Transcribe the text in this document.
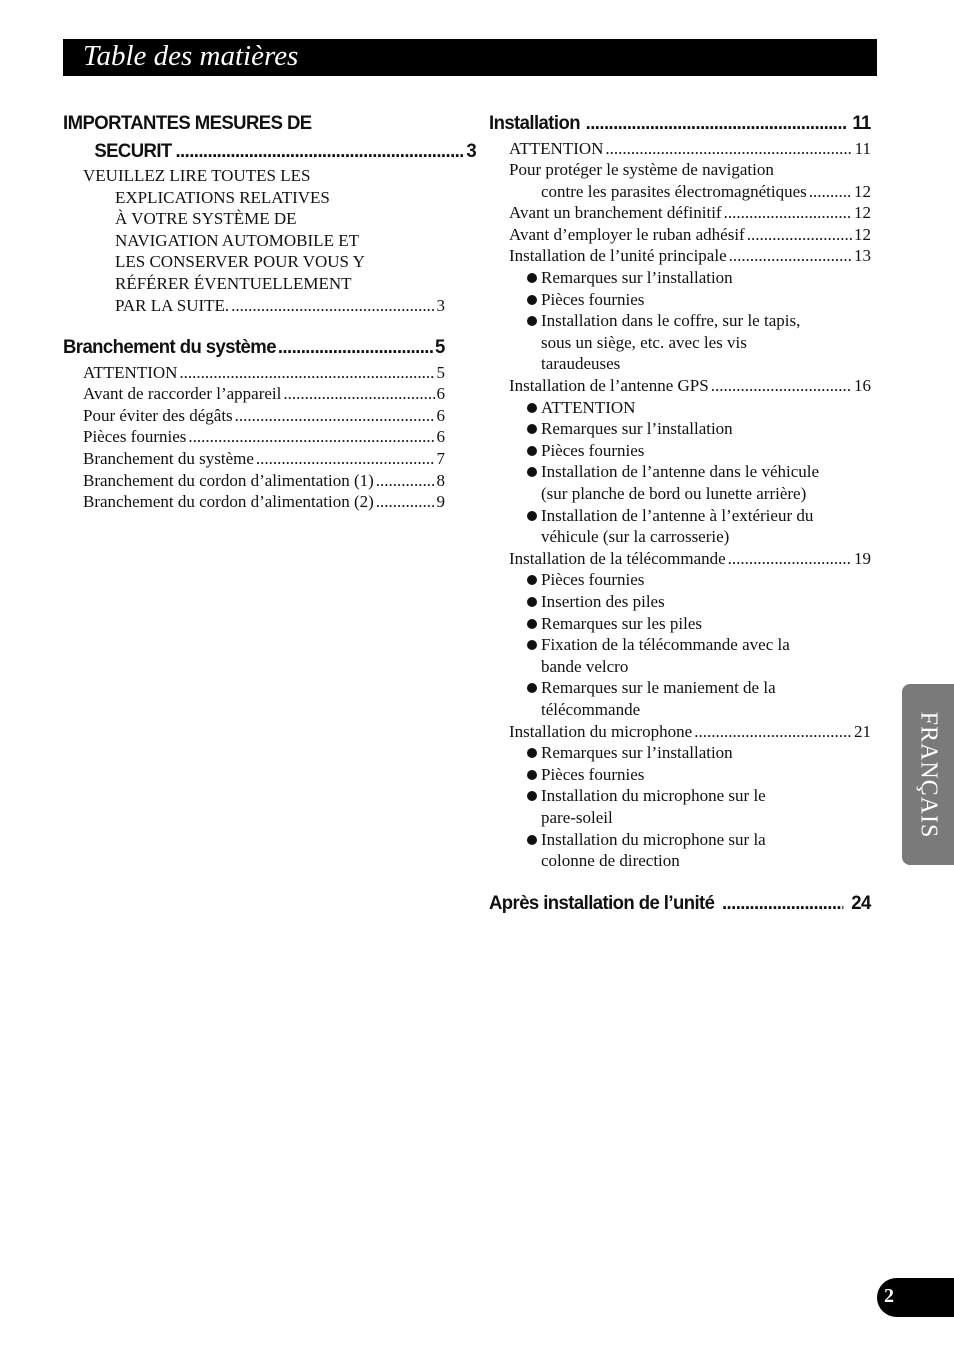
Table des matières
IMPORTANTES MESURES DE
SECURIT .....	3
VEUILLEZ LIRE TOUTES LES
EXPLICATIONS RELATIVES
À VOTRE SYSTÈME DE
NAVIGATION AUTOMOBILE ET
LES CONSERVER POUR VOUS Y
RÉFÉRER ÉVENTUELLEMENT
PAR LA SUITE. .....	3
Branchement du système .....	5
ATTENTION .....	5
Avant de raccorder l’appareil .....	6
Pour éviter des dégâts .....	6
Pièces fournies .....	6
Branchement du système .....	7
Branchement du cordon d’alimentation (1) .....	8
Branchement du cordon d’alimentation (2) .....	9
Installation .....	11
ATTENTION .....	11
Pour protéger le système de navigation
contre les parasites électromagnétiques .....	12
Avant un branchement définitif .....	12
Avant d’employer le ruban adhésif .....	12
Installation de l’unité principale .....	13
Remarques sur l’installation
Pièces fournies
Installation dans le coffre, sur le tapis,
sous un siège, etc. avec les vis
taraudeuses
Installation de l’antenne GPS .....	16
ATTENTION
Remarques sur l’installation
Pièces fournies
Installation de l’antenne dans le véhicule
(sur planche de bord ou lunette arrière)
Installation de l’antenne à l’extérieur du
véhicule (sur la carrosserie)
Installation de la télécommande .....	19
Pièces fournies
Insertion des piles
Remarques sur les piles
Fixation de la télécommande avec la
bande velcro
Remarques sur le maniement de la
télécommande
Installation du microphone .....	21
Remarques sur l’installation
Pièces fournies
Installation du microphone sur le
pare-soleil
Installation du microphone sur la
colonne de direction
Après installation de l’unité .....	24
FRANÇAIS
2
